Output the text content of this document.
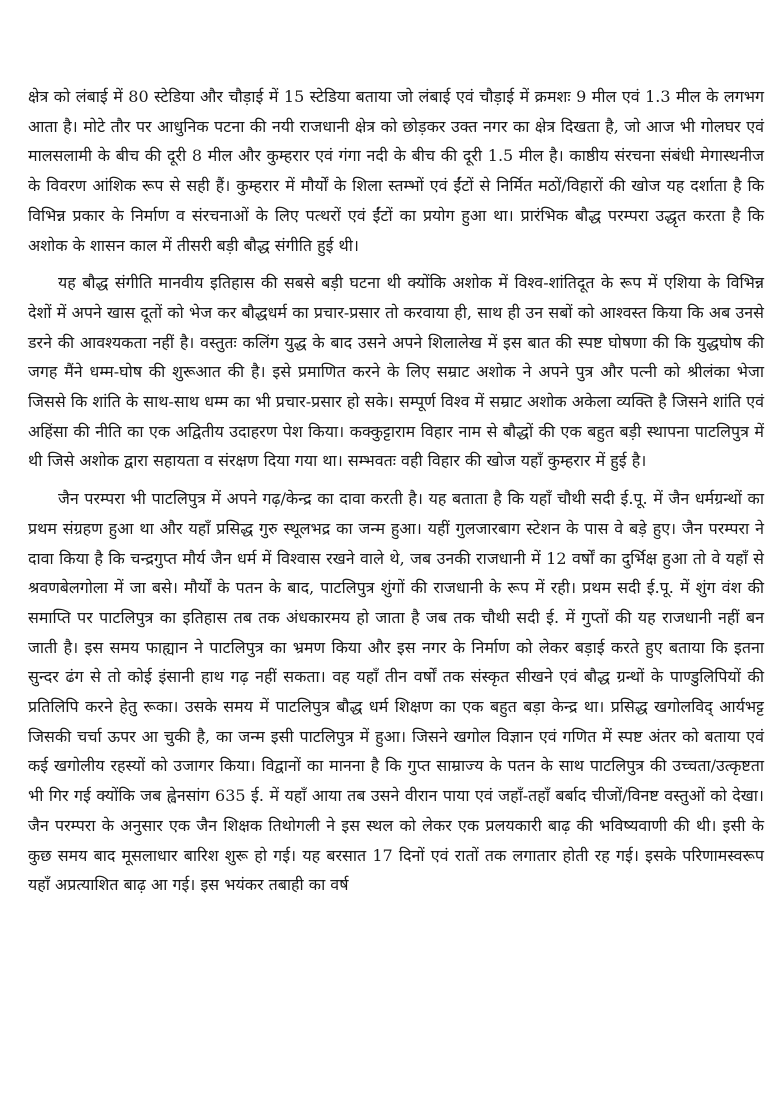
क्षेत्र को लंबाई में 80 स्टेडिया और चौड़ाई में 15 स्टेडिया बताया जो लंबाई एवं चौड़ाई में क्रमशः 9 मील एवं 1.3 मील के लगभग आता है। मोटे तौर पर आधुनिक पटना की नयी राजधानी क्षेत्र को छोड़कर उक्त नगर का क्षेत्र दिखता है, जो आज भी गोलघर एवं मालसलामी के बीच की दूरी 8 मील और कुम्हरार एवं गंगा नदी के बीच की दूरी 1.5 मील है। काष्ठीय संरचना संबंधी मेगास्थनीज के विवरण आंशिक रूप से सही हैं। कुम्हरार में मौर्यों के शिला स्तम्भों एवं ईंटों से निर्मित मठों/विहारों की खोज यह दर्शाता है कि विभिन्न प्रकार के निर्माण व संरचनाओं के लिए पत्थरों एवं ईंटों का प्रयोग हुआ था। प्रारंभिक बौद्ध परम्परा उद्धृत करता है कि अशोक के शासन काल में तीसरी बड़ी बौद्ध संगीति हुई थी।

यह बौद्ध संगीति मानवीय इतिहास की सबसे बड़ी घटना थी क्योंकि अशोक में विश्व-शांतिदूत के रूप में एशिया के विभिन्न देशों में अपने खास दूतों को भेज कर बौद्धधर्म का प्रचार-प्रसार तो करवाया ही, साथ ही उन सबों को आश्वस्त किया कि अब उनसे डरने की आवश्यकता नहीं है। वस्तुतः कलिंग युद्ध के बाद उसने अपने शिलालेख में इस बात की स्पष्ट घोषणा की कि युद्धघोष की जगह मैंने धम्म-घोष की शुरूआत की है। इसे प्रमाणित करने के लिए सम्राट अशोक ने अपने पुत्र और पत्नी को श्रीलंका भेजा जिससे कि शांति के साथ-साथ धम्म का भी प्रचार-प्रसार हो सके। सम्पूर्ण विश्व में सम्राट अशोक अकेला व्यक्ति है जिसने शांति एवं अहिंसा की नीति का एक अद्वितीय उदाहरण पेश किया। कक्कुट्टाराम विहार नाम से बौद्धों की एक बहुत बड़ी स्थापना पाटलिपुत्र में थी जिसे अशोक द्वारा सहायता व संरक्षण दिया गया था। सम्भवतः वही विहार की खोज यहाँ कुम्हरार में हुई है।

जैन परम्परा भी पाटलिपुत्र में अपने गढ़/केन्द्र का दावा करती है। यह बताता है कि यहाँ चौथी सदी ई.पू. में जैन धर्मग्रन्थों का प्रथम संग्रहण हुआ था और यहाँ प्रसिद्ध गुरु स्थूलभद्र का जन्म हुआ। यहीं गुलजारबाग स्टेशन के पास वे बड़े हुए। जैन परम्परा ने दावा किया है कि चन्द्रगुप्त मौर्य जैन धर्म में विश्वास रखने वाले थे, जब उनकी राजधानी में 12 वर्षों का दुर्भिक्ष हुआ तो वे यहाँ से श्रवणबेलगोला में जा बसे। मौर्यों के पतन के बाद, पाटलिपुत्र शुंगों की राजधानी के रूप में रही। प्रथम सदी ई.पू. में शुंग वंश की समाप्ति पर पाटलिपुत्र का इतिहास तब तक अंधकारमय हो जाता है जब तक चौथी सदी ई. में गुप्तों की यह राजधानी नहीं बन जाती है। इस समय फाह्यान ने पाटलिपुत्र का भ्रमण किया और इस नगर के निर्माण को लेकर बड़ाई करते हुए बताया कि इतना सुन्दर ढंग से तो कोई इंसानी हाथ गढ़ नहीं सकता। वह यहाँ तीन वर्षों तक संस्कृत सीखने एवं बौद्ध ग्रन्थों के पाण्डुलिपियों की प्रतिलिपि करने हेतु रूका। उसके समय में पाटलिपुत्र बौद्ध धर्म शिक्षण का एक बहुत बड़ा केन्द्र था। प्रसिद्ध खगोलविद् आर्यभट्ट जिसकी चर्चा ऊपर आ चुकी है, का जन्म इसी पाटलिपुत्र में हुआ। जिसने खगोल विज्ञान एवं गणित में स्पष्ट अंतर को बताया एवं कई खगोलीय रहस्यों को उजागर किया। विद्वानों का मानना है कि गुप्त साम्राज्य के पतन के साथ पाटलिपुत्र की उच्चता/उत्कृष्टता भी गिर गई क्योंकि जब ह्वेनसांग 635 ई. में यहाँ आया तब उसने वीरान पाया एवं जहाँ-तहाँ बर्बाद चीजों/विनष्ट वस्तुओं को देखा। जैन परम्परा के अनुसार एक जैन शिक्षक तिथोगली ने इस स्थल को लेकर एक प्रलयकारी बाढ़ की भविष्यवाणी की थी। इसी के कुछ समय बाद मूसलाधार बारिश शुरू हो गई। यह बरसात 17 दिनों एवं रातों तक लगातार होती रह गई। इसके परिणामस्वरूप यहाँ अप्रत्याशित बाढ़ आ गई। इस भयंकर तबाही का वर्ष
